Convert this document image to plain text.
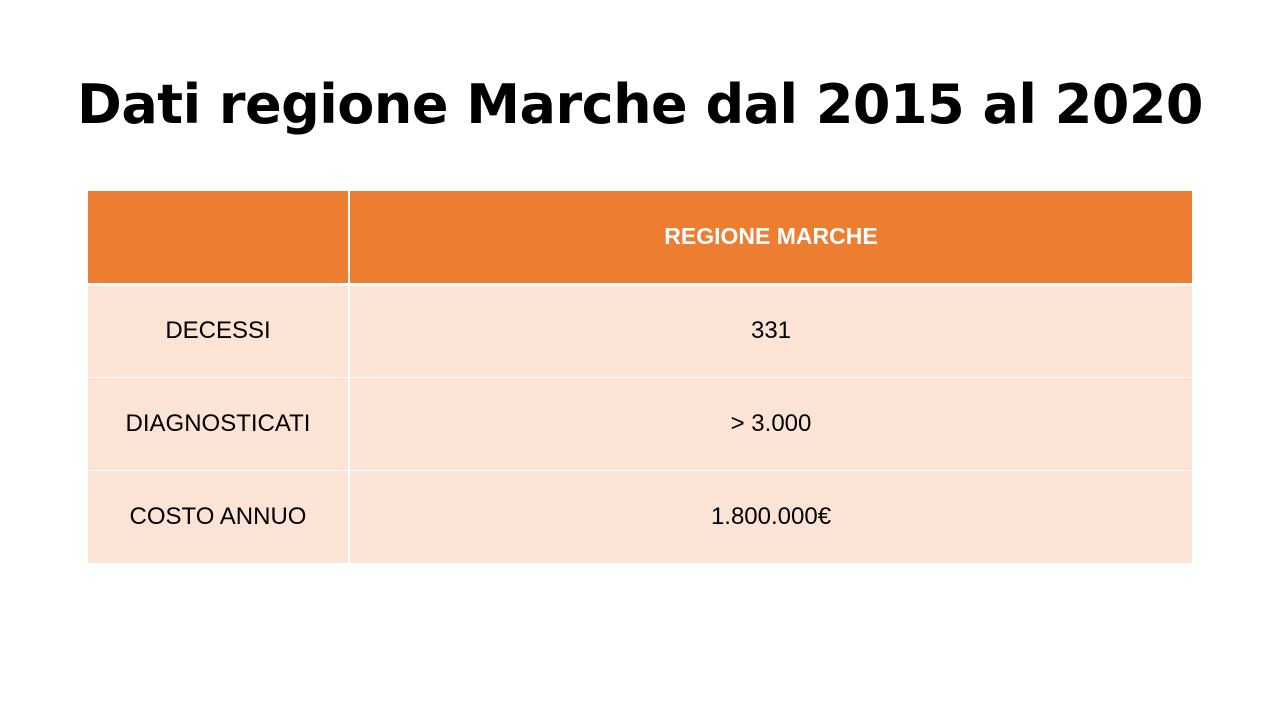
Dati regione Marche dal 2015 al 2020
	REGIONE MARCHE
DECESSI	331
DIAGNOSTICATI	> 3.000
COSTO ANNUO	1.800.000€
